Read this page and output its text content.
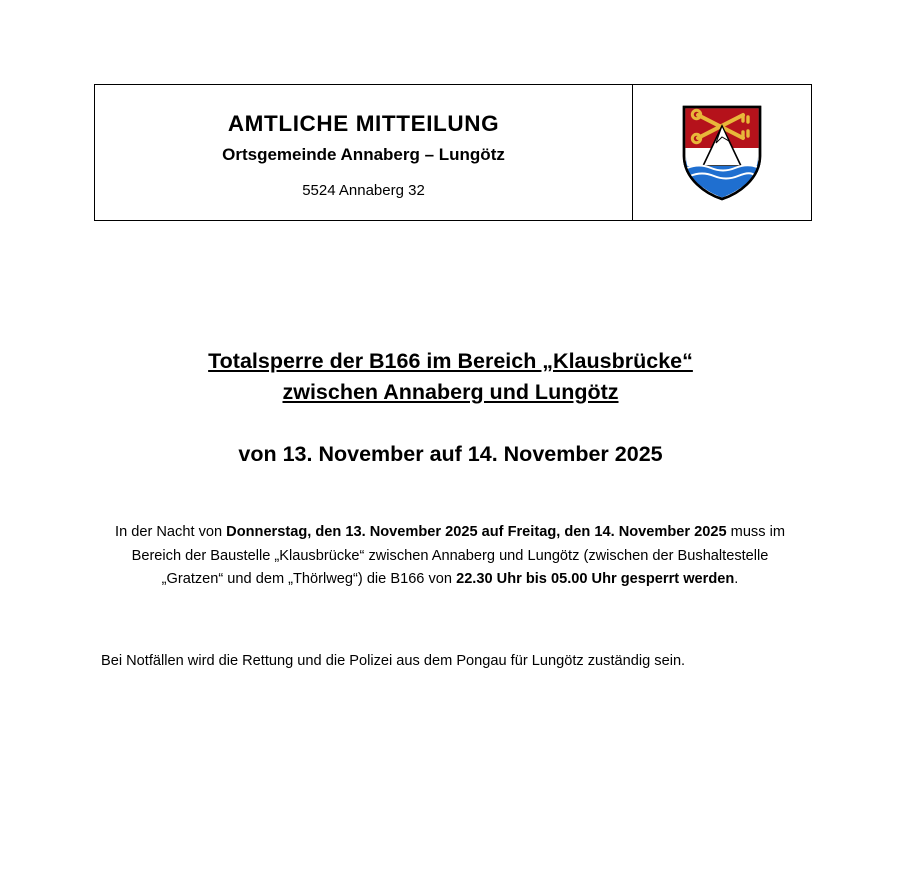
AMTLICHE MITTEILUNG
Ortsgemeinde Annaberg – Lungötz
5524 Annaberg 32
Totalsperre der B166 im Bereich „Klausbrücke“
zwischen Annaberg und Lungötz
von 13. November auf 14. November 2025
In der Nacht von Donnerstag, den 13. November 2025 auf Freitag, den 14. November 2025 muss im Bereich der Baustelle „Klausbrücke“ zwischen Annaberg und Lungötz (zwischen der Bushaltestelle „Gratzen“ und dem „Thörlweg“) die B166 von 22.30 Uhr bis 05.00 Uhr gesperrt werden.
Bei Notfällen wird die Rettung und die Polizei aus dem Pongau für Lungötz zuständig sein.
